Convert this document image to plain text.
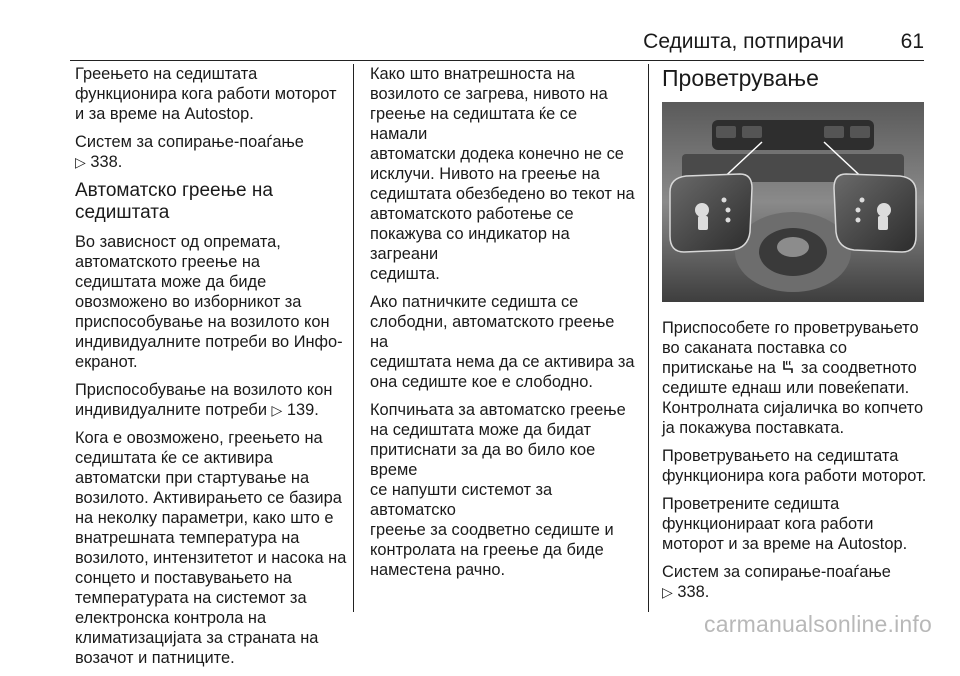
Седишта, потпирачи	61

Греењето на седиштата
функционира кога работи моторот
и за време на Autostop.

Систем за сопирање-поаѓање
▷ 338.

Автоматско греење на
седиштата

Во зависност од опремата,
автоматското греење на
седиштата може да биде
овозможено во изборникот за
приспособување на возилото кон
индивидуалните потреби во Инфо-
екранот.

Приспособување на возилото кон
индивидуалните потреби ▷ 139.

Кога е овозможено, греењето на
седиштата ќе се активира
автоматски при стартување на
возилото. Активирањето се базира
на неколку параметри, како што е
внатрешната температура на
возилото, интензитетот и насока на
сонцето и поставувањето на
температурата на системот за
електронска контрола на
климатизацијата за страната на
возачот и патниците.

Како што внатрешноста на
возилото се загрева, нивото на
греење на седиштата ќе се намали
автоматски додека конечно не се
исклучи. Нивото на греење на
седиштата обезбедено во текот на
автоматското работење се
покажува со индикатор на загреани
седишта.

Ако патничките седишта се
слободни, автоматското греење на
седиштата нема да се активира за
она седиште кое е слободно.

Копчињата за автоматско греење
на седиштата може да бидат
притиснати за да во било кое време
се напушти системот за автоматско
греење за соодветно седиште и
контролата на греење да биде
наместена рачно.

Проветрување

Приспособете го проветрувањето
во саканата поставка со
притискање на за соодветното
седиште еднаш или повеќепати.
Контролната сијаличка во копчето
ја покажува поставката.

Проветрувањето на седиштата
функционира кога работи моторот.

Проветрените седишта
функционираат кога работи
моторот и за време на Autostop.

Систем за сопирање-поаѓање
▷ 338.

carmanualsonline.info
